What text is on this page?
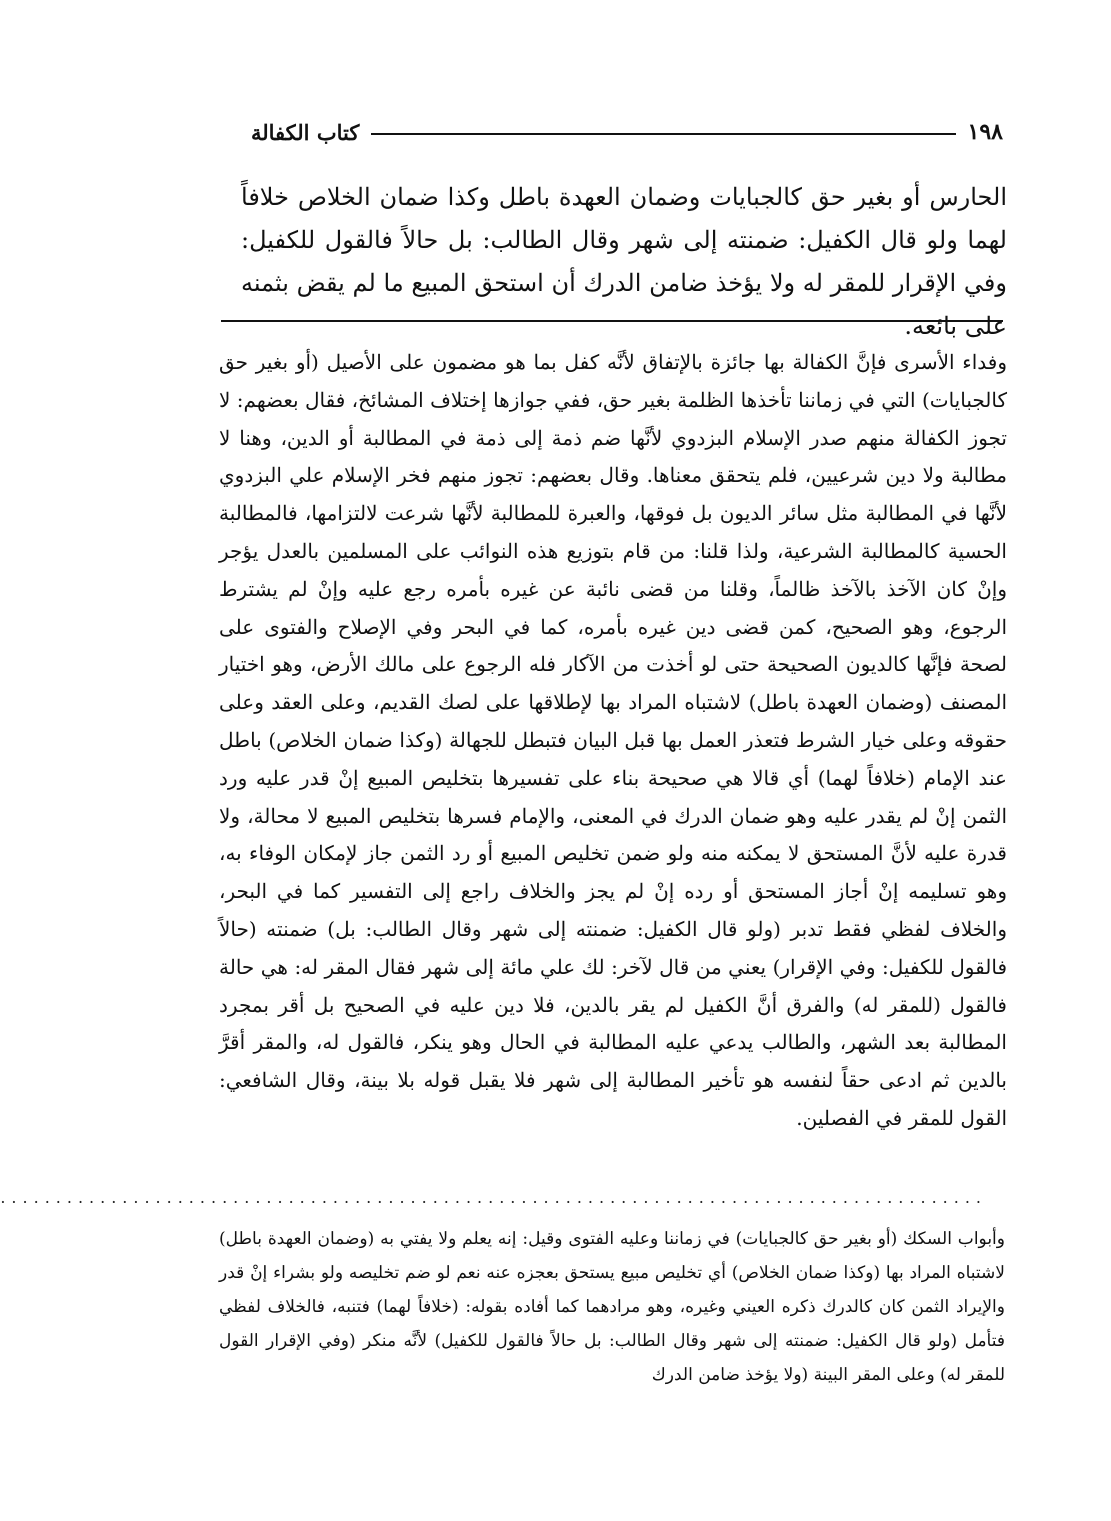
١٩٨
كتاب الكفالة

الحارس أو بغير حق كالجبايات وضمان العهدة باطل وكذا ضمان الخلاص خلافاً لهما ولو قال الكفيل: ضمنته إلى شهر وقال الطالب: بل حالاً فالقول للكفيل: وفي الإقرار للمقر له ولا يؤخذ ضامن الدرك أن استحق المبيع ما لم يقض بثمنه على بائعه.

وفداء الأسرى فإنَّ الكفالة بها جائزة بالإتفاق لأنَّه كفل بما هو مضمون على الأصيل (أو بغير حق كالجبايات) التي في زماننا تأخذها الظلمة بغير حق، ففي جوازها إختلاف المشائخ، فقال بعضهم: لا تجوز الكفالة منهم صدر الإسلام البزدوي لأنَّها ضم ذمة إلى ذمة في المطالبة أو الدين، وهنا لا مطالبة ولا دين شرعيين، فلم يتحقق معناها. وقال بعضهم: تجوز منهم فخر الإسلام علي البزدوي لأنَّها في المطالبة مثل سائر الديون بل فوقها، والعبرة للمطالبة لأنَّها شرعت لالتزامها، فالمطالبة الحسية كالمطالبة الشرعية، ولذا قلنا: من قام بتوزيع هذه النوائب على المسلمين بالعدل يؤجر وإنْ كان الآخذ بالآخذ ظالماً، وقلنا من قضى نائبة عن غيره بأمره رجع عليه وإنْ لم يشترط الرجوع، وهو الصحيح، كمن قضى دين غيره بأمره، كما في البحر وفي الإصلاح والفتوى على لصحة فإنَّها كالديون الصحيحة حتى لو أخذت من الآكار فله الرجوع على مالك الأرض، وهو اختيار المصنف (وضمان العهدة باطل) لاشتباه المراد بها لإطلاقها على لصك القديم، وعلى العقد وعلى حقوقه وعلى خيار الشرط فتعذر العمل بها قبل البيان فتبطل للجهالة (وكذا ضمان الخلاص) باطل عند الإمام (خلافاً لهما) أي قالا هي صحيحة بناء على تفسيرها بتخليص المبيع إنْ قدر عليه ورد الثمن إنْ لم يقدر عليه وهو ضمان الدرك في المعنى، والإمام فسرها بتخليص المبيع لا محالة، ولا قدرة عليه لأنَّ المستحق لا يمكنه منه ولو ضمن تخليص المبيع أو رد الثمن جاز لإمكان الوفاء به، وهو تسليمه إنْ أجاز المستحق أو رده إنْ لم يجز والخلاف راجع إلى التفسير كما في البحر، والخلاف لفظي فقط تدبر (ولو قال الكفيل: ضمنته إلى شهر وقال الطالب: بل) ضمنته (حالاً فالقول للكفيل: وفي الإقرار) يعني من قال لآخر: لك علي مائة إلى شهر فقال المقر له: هي حالة فالقول (للمقر له) والفرق أنَّ الكفيل لم يقر بالدين، فلا دين عليه في الصحيح بل أقر بمجرد المطالبة بعد الشهر، والطالب يدعي عليه المطالبة في الحال وهو ينكر، فالقول له، والمقر أقرَّ بالدين ثم ادعى حقاً لنفسه هو تأخير المطالبة إلى شهر فلا يقبل قوله بلا بينة، وقال الشافعي: القول للمقر في الفصلين.

.........................................................................................

وأبواب السكك (أو بغير حق كالجبايات) في زماننا وعليه الفتوى وقيل: إنه يعلم ولا يفتي به (وضمان العهدة باطل) لاشتباه المراد بها (وكذا ضمان الخلاص) أي تخليص مبيع يستحق بعجزه عنه نعم لو ضم تخليصه ولو بشراء إنْ قدر والإيراد الثمن كان كالدرك ذكره العيني وغيره، وهو مرادهما كما أفاده بقوله: (خلافاً لهما) فتنبه، فالخلاف لفظي فتأمل (ولو قال الكفيل: ضمنته إلى شهر وقال الطالب: بل حالاً فالقول للكفيل) لأنَّه منكر (وفي الإقرار القول للمقر له) وعلى المقر البينة (ولا يؤخذ ضامن الدرك
